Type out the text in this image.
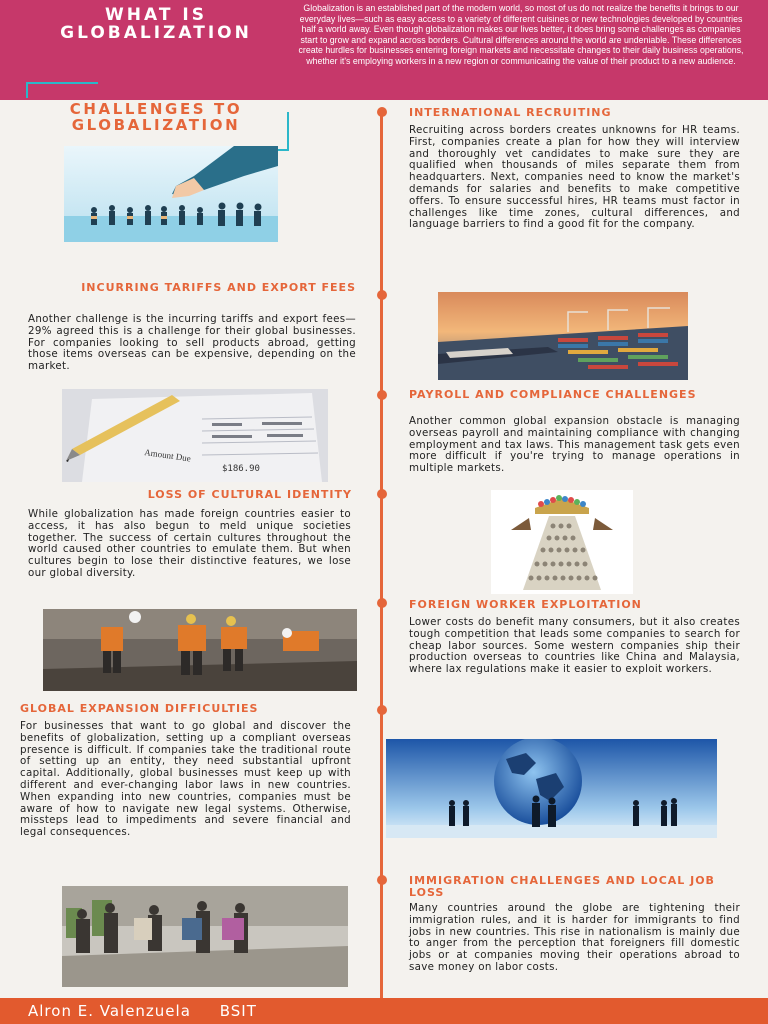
WHAT IS
GLOBALIZATION
Globalization is an established part of the modern world, so most of us do not realize the benefits it brings to our everyday lives—such as easy access to a variety of different cuisines or new technologies developed by countries half a world away. Even though globalization makes our lives better, it does bring some challenges as companies start to grow and expand across borders. Cultural differences around the world are undeniable. These differences create hurdles for businesses entering foreign markets and necessitate changes to their daily business operations, whether it's employing workers in a new region or communicating the value of their product to a new audience.
CHALLENGES TO
GLOBALIZATION
INTERNATIONAL RECRUITING
Recruiting across borders creates unknowns for HR teams. First, companies create a plan for how they will interview and thoroughly vet candidates to make sure they are qualified when thousands of miles separate them from headquarters. Next, companies need to know the market's demands for salaries and benefits to make competitive offers. To ensure successful hires, HR teams must factor in challenges like time zones, cultural differences, and language barriers to find a good fit for the company.
INCURRING TARIFFS AND EXPORT FEES
Another challenge is the incurring tariffs and export fees—29% agreed this is a challenge for their global businesses. For companies looking to sell products abroad, getting those items overseas can be expensive, depending on the market.
Amount Due
$186.90
PAYROLL AND COMPLIANCE CHALLENGES
Another common global expansion obstacle is managing overseas payroll and maintaining compliance with changing employment and tax laws. This management task gets even more difficult if you're trying to manage operations in multiple markets.
LOSS OF CULTURAL IDENTITY
While globalization has made foreign countries easier to access, it has also begun to meld unique societies together. The success of certain cultures throughout the world caused other countries to emulate them. But when cultures begin to lose their distinctive features, we lose our global diversity.
FOREIGN WORKER EXPLOITATION
Lower costs do benefit many consumers, but it also creates tough competition that leads some companies to search for cheap labor sources. Some western companies ship their production overseas to countries like China and Malaysia, where lax regulations make it easier to exploit workers.
GLOBAL EXPANSION DIFFICULTIES
For businesses that want to go global and discover the benefits of globalization, setting up a compliant overseas presence is difficult. If companies take the traditional route of setting up an entity, they need substantial upfront capital. Additionally, global businesses must keep up with different and ever-changing labor laws in new countries. When expanding into new countries, companies must be aware of how to navigate new legal systems. Otherwise, missteps lead to impediments and severe financial and legal consequences.
IMMIGRATION CHALLENGES AND LOCAL JOB LOSS
Many countries around the globe are tightening their immigration rules, and it is harder for immigrants to find jobs in new countries. This rise in nationalism is mainly due to anger from the perception that foreigners fill domestic jobs or at companies moving their operations abroad to save money on labor costs.
Alron E. Valenzuela BSIT
